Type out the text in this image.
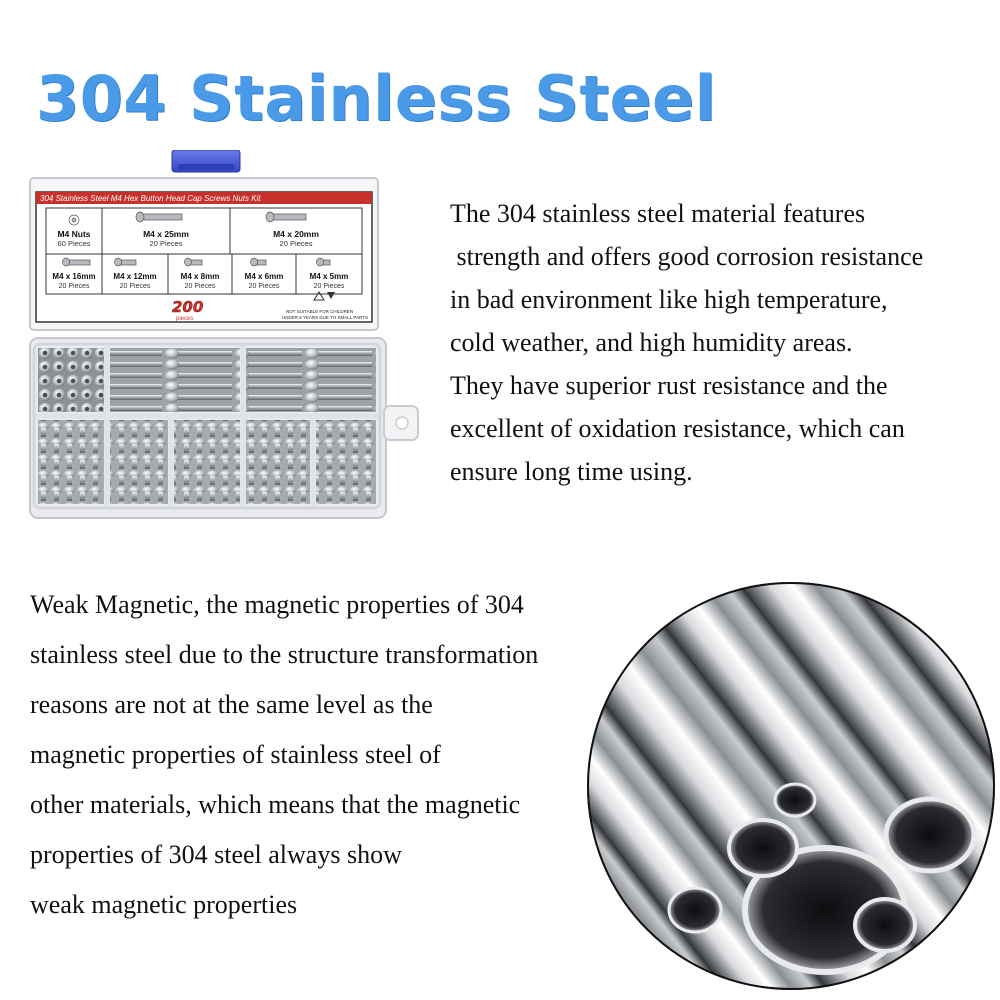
304 Stainless Steel
304 Stainless Steel M4 Hex Button Head Cap Screws Nuts Kit
M4 Nuts
60 Pieces
M4 x 25mm
20 Pieces
M4 x 20mm
20 Pieces
M4 x 16mm
20 Pieces
M4 x 12mm
20 Pieces
M4 x 8mm
20 Pieces
M4 x 6mm
20 Pieces
M4 x 5mm
20 Pieces
200
pieces
NOT SUITABLE FOR CHILDREN
UNDER 6 YEARS DUE TO SMALL PARTS

The 304 stainless steel material features
strength and offers good corrosion resistance
in bad environment like high temperature,
cold weather, and high humidity areas.
They have superior rust resistance and the
excellent of oxidation resistance, which can
ensure long time using.

Weak Magnetic, the magnetic properties of 304
stainless steel due to the structure transformation
reasons are not at the same level as the
magnetic properties of stainless steel of
other materials, which means that the magnetic
properties of 304 steel always show
weak magnetic properties
